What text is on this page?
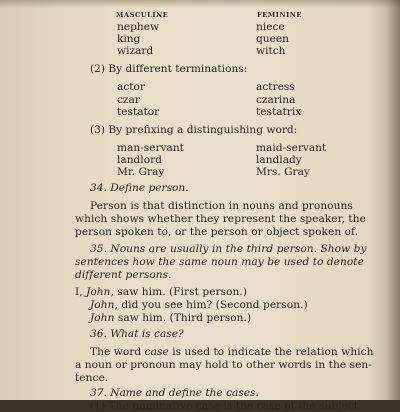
MASCULINE	FEMININE
nephew	niece
king	queen
wizard	witch
(2) By different terminations:
actor	actress
czar	czarina
testator	testatrix
(3) By prefixing a distinguishing word:
man-servant	maid-servant
landlord	landlady
Mr. Gray	Mrs. Gray
34. Define person.
Person is that distinction in nouns and pronouns
which shows whether they represent the speaker, the
person spoken to, or the person or object spoken of.
35. Nouns are usually in the third person. Show by
sentences how the same noun may be used to denote
different persons.
I, John, saw him. (First person.)
John, did you see him? (Second person.)
John saw him. (Third person.)
36. What is case?
The word case is used to indicate the relation which
a noun or pronoun may hold to other words in the sen-
tence.
37. Name and define the cases.
(1) The nominative case is the case of the subject
